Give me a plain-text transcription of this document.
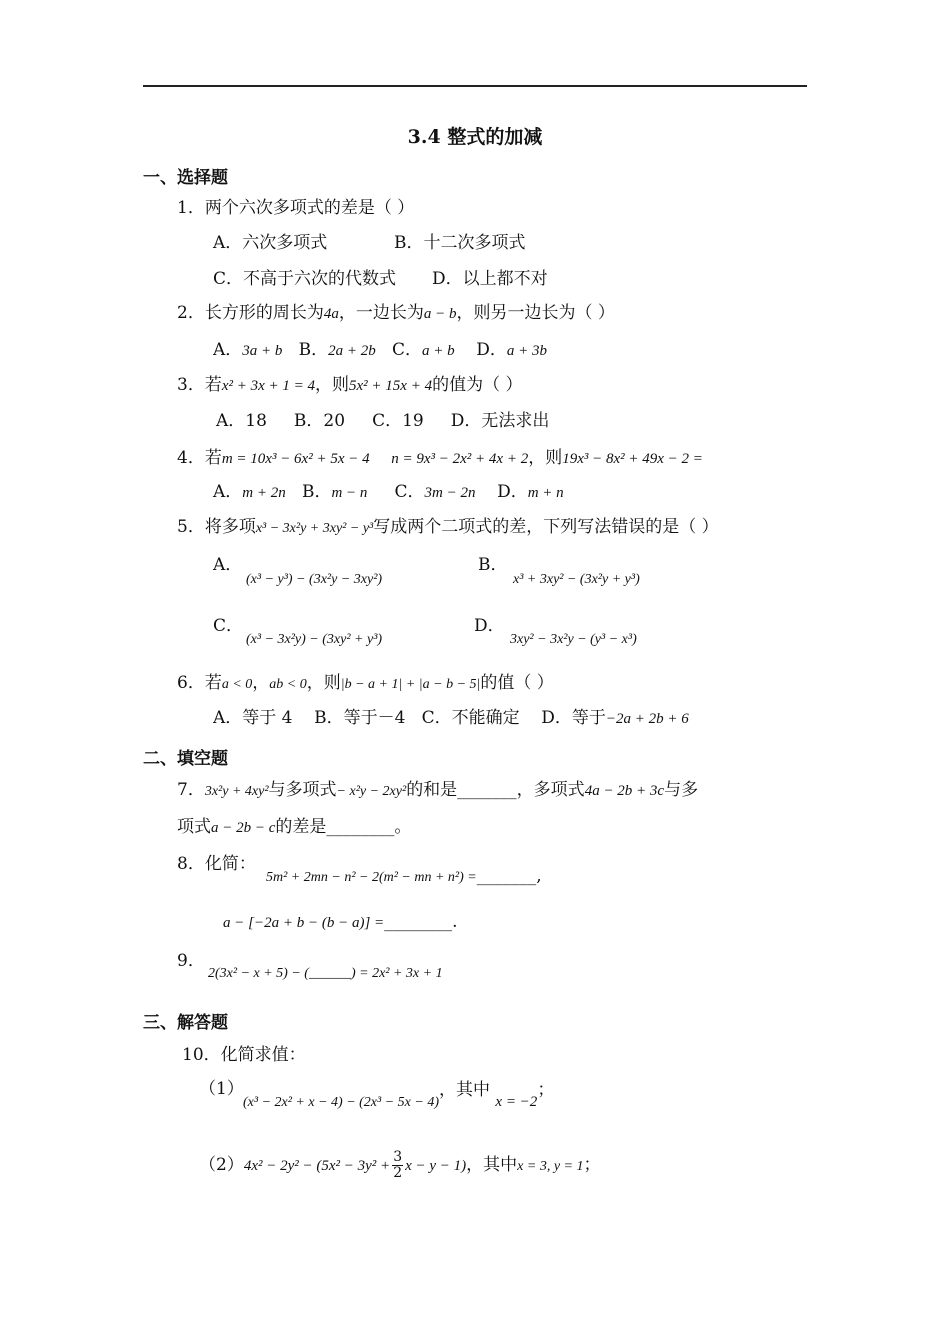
3.4 整式的加减
一、选择题
1．两个六次多项式的差是（ ）
A．六次多项式	B．十二次多项式
C．不高于六次的代数式 D．以上都不对
2．长方形的周长为4a，一边长为a − b，则另一边长为（ ）
A．3a + b B．2a + 2b C．a + b D．a + 3b
3．若x² + 3x + 1 = 4，则5x² + 15x + 4的值为（ ）
A．18     B．20     C．19     D．无法求出
4．若m = 10x³ − 6x² + 5x − 4 n = 9x³ − 2x² + 4x + 2，则19x³ − 8x² + 49x − 2 =
A．m + 2n B．m − n C．3m − 2n D．m + n
5．将多项x³ − 3x²y + 3xy² − y³写成两个二项式的差，下列写法错误的是（ ）
A．
(x³ − y³) − (3x²y − 3xy²)
B．
x³ + 3xy² − (3x²y + y³)
C．
(x³ − 3x²y) − (3xy² + y³)
D．
3xy² − 3x²y − (y³ − x³)
6．若a < 0，ab < 0，则|b − a + 1| + |a − b − 5|的值（ ）
A．等于 4    B．等于－4   C．不能确定    D．等于−2a + 2b + 6
二、填空题
7．3x²y + 4xy²与多项式− x²y − 2xy²的和是_______，多项式4a − 2b + 3c与多
项式a − 2b − c的差是________。
8．化简：
5m² + 2mn − n² − 2(m² − mn + n²) =_______,
a − [−2a + b − (b − a)] =________.
9．
2(3x² − x + 5) − (______) = 2x² + 3x + 1
三、解答题
10．化简求值：
（1）
$_{(x^3 - 2x^2 + x - 4) - (2x^3 - 5x - 4)}$，其中 x = −2；
$(2)4x^2 - 2y^2 - (5x^2 - 3y^2 + \frac{3}{2}$ x − y − 1)，其中x = 3, y = 1；
